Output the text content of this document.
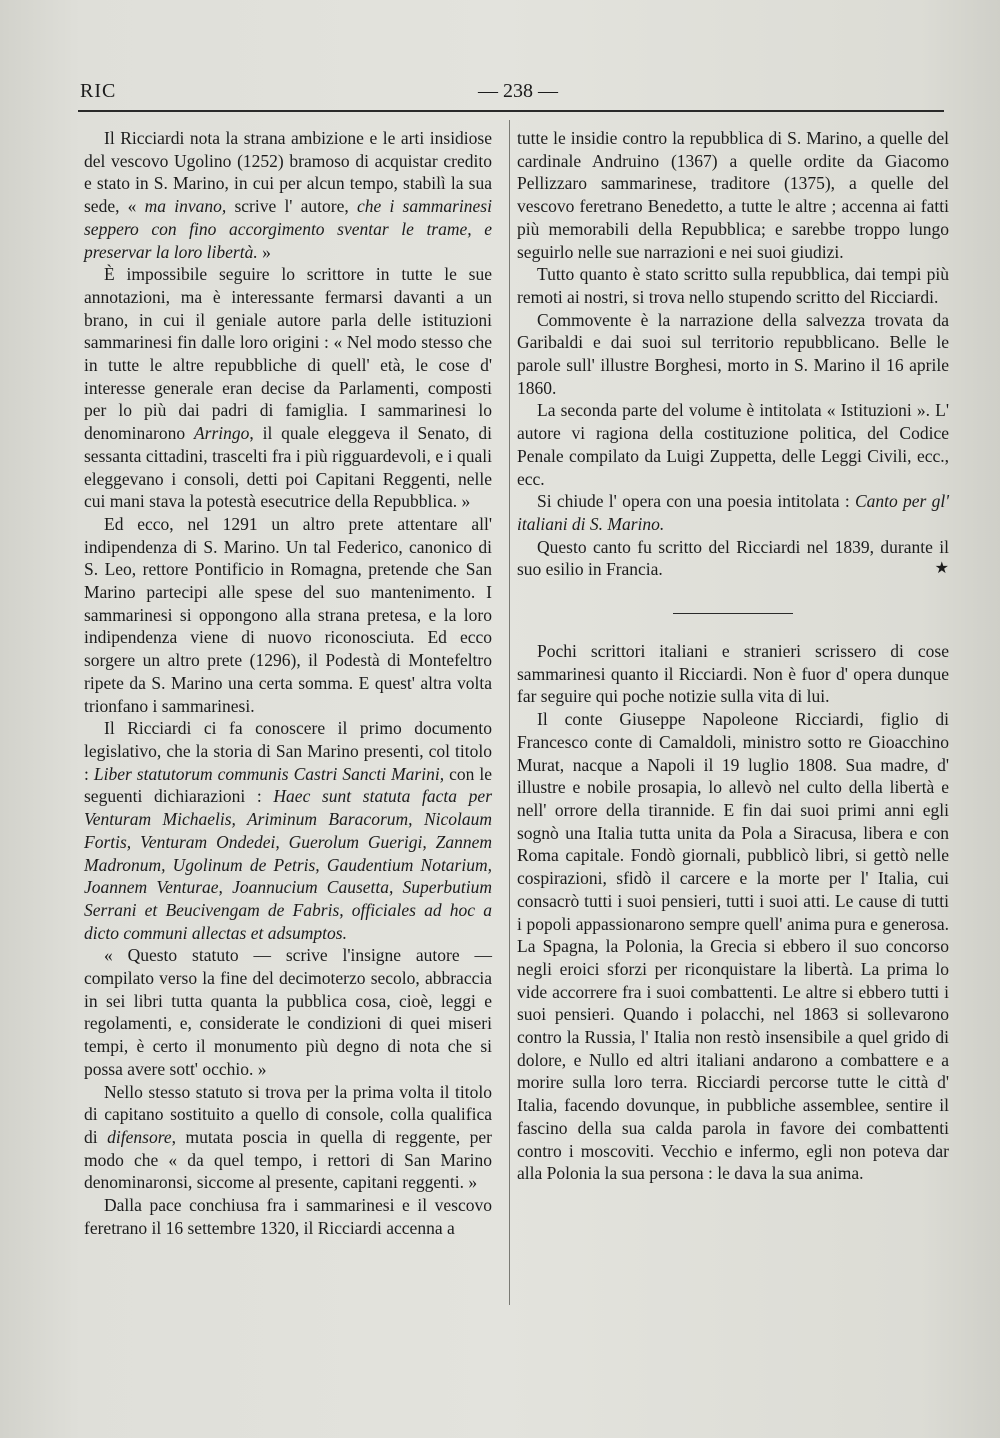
RIC	— 238 —

Il Ricciardi nota la strana ambizione e le arti insidiose del vescovo Ugolino (1252) bramoso di acquistar credito e stato in S. Marino, in cui per alcun tempo, stabilì la sua sede, « ma invano, scrive l' autore, che i sammarinesi seppero con fino accorgimento sventar le trame, e preservar la loro libertà. »

È impossibile seguire lo scrittore in tutte le sue annotazioni, ma è interessante fermarsi davanti a un brano, in cui il geniale autore parla delle istituzioni sammarinesi fin dalle loro origini : « Nel modo stesso che in tutte le altre repubbliche di quell' età, le cose d' interesse generale eran decise da Parlamenti, composti per lo più dai padri di famiglia. I sammarinesi lo denominarono Arringo, il quale eleggeva il Senato, di sessanta cittadini, trascelti fra i più rigguardevoli, e i quali eleggevano i consoli, detti poi Capitani Reggenti, nelle cui mani stava la potestà esecutrice della Repubblica. »

Ed ecco, nel 1291 un altro prete attentare all' indipendenza di S. Marino. Un tal Federico, canonico di S. Leo, rettore Pontificio in Romagna, pretende che San Marino partecipi alle spese del suo mantenimento. I sammarinesi si oppongono alla strana pretesa, e la loro indipendenza viene di nuovo riconosciuta. Ed ecco sorgere un altro prete (1296), il Podestà di Montefeltro ripete da S. Marino una certa somma. E quest' altra volta trionfano i sammarinesi.

Il Ricciardi ci fa conoscere il primo documento legislativo, che la storia di San Marino presenti, col titolo : Liber statutorum communis Castri Sancti Marini, con le seguenti dichiarazioni : Haec sunt statuta facta per Venturam Michaelis, Ariminum Baracorum, Nicolaum Fortis, Venturam Ondedei, Guerolum Guerigi, Zannem Madronum, Ugolinum de Petris, Gaudentium Notarium, Joannem Venturae, Joannucium Causetta, Superbutium Serrani et Beucivengam de Fabris, officiales ad hoc a dicto communi allectas et adsumptos.

« Questo statuto — scrive l'insigne autore — compilato verso la fine del decimoterzo secolo, abbraccia in sei libri tutta quanta la pubblica cosa, cioè, leggi e regolamenti, e, considerate le condizioni di quei miseri tempi, è certo il monumento più degno di nota che si possa avere sott' occhio. »

Nello stesso statuto si trova per la prima volta il titolo di capitano sostituito a quello di console, colla qualifica di difensore, mutata poscia in quella di reggente, per modo che « da quel tempo, i rettori di San Marino denominaronsi, siccome al presente, capitani reggenti. »

Dalla pace conchiusa fra i sammarinesi e il vescovo feretrano il 16 settembre 1320, il Ricciardi accenna a

tutte le insidie contro la repubblica di S. Marino, a quelle del cardinale Andruino (1367) a quelle ordite da Giacomo Pellizzaro sammarinese, traditore (1375), a quelle del vescovo feretrano Benedetto, a tutte le altre ; accenna ai fatti più memorabili della Repubblica; e sarebbe troppo lungo seguirlo nelle sue narrazioni e nei suoi giudizi.

Tutto quanto è stato scritto sulla repubblica, dai tempi più remoti ai nostri, si trova nello stupendo scritto del Ricciardi.

Commovente è la narrazione della salvezza trovata da Garibaldi e dai suoi sul territorio repubblicano. Belle le parole sull' illustre Borghesi, morto in S. Marino il 16 aprile 1860.

La seconda parte del volume è intitolata « Istituzioni ». L' autore vi ragiona della costituzione politica, del Codice Penale compilato da Luigi Zuppetta, delle Leggi Civili, ecc., ecc.

Si chiude l' opera con una poesia intitolata : Canto per gl' italiani di S. Marino.

Questo canto fu scritto del Ricciardi nel 1839, durante il suo esilio in Francia.	★

Pochi scrittori italiani e stranieri scrissero di cose sammarinesi quanto il Ricciardi. Non è fuor d' opera dunque far seguire qui poche notizie sulla vita di lui.

Il conte Giuseppe Napoleone Ricciardi, figlio di Francesco conte di Camaldoli, ministro sotto re Gioacchino Murat, nacque a Napoli il 19 luglio 1808. Sua madre, d' illustre e nobile prosapia, lo allevò nel culto della libertà e nell' orrore della tirannide. E fin dai suoi primi anni egli sognò una Italia tutta unita da Pola a Siracusa, libera e con Roma capitale. Fondò giornali, pubblicò libri, si gettò nelle cospirazioni, sfidò il carcere e la morte per l' Italia, cui consacrò tutti i suoi pensieri, tutti i suoi atti. Le cause di tutti i popoli appassionarono sempre quell' anima pura e generosa. La Spagna, la Polonia, la Grecia si ebbero il suo concorso negli eroici sforzi per riconquistare la libertà. La prima lo vide accorrere fra i suoi combattenti. Le altre si ebbero tutti i suoi pensieri. Quando i polacchi, nel 1863 si sollevarono contro la Russia, l' Italia non restò insensibile a quel grido di dolore, e Nullo ed altri italiani andarono a combattere e a morire sulla loro terra. Ricciardi percorse tutte le città d' Italia, facendo dovunque, in pubbliche assemblee, sentire il fascino della sua calda parola in favore dei combattenti contro i moscoviti. Vecchio e infermo, egli non poteva dar alla Polonia la sua persona : le dava la sua anima.
